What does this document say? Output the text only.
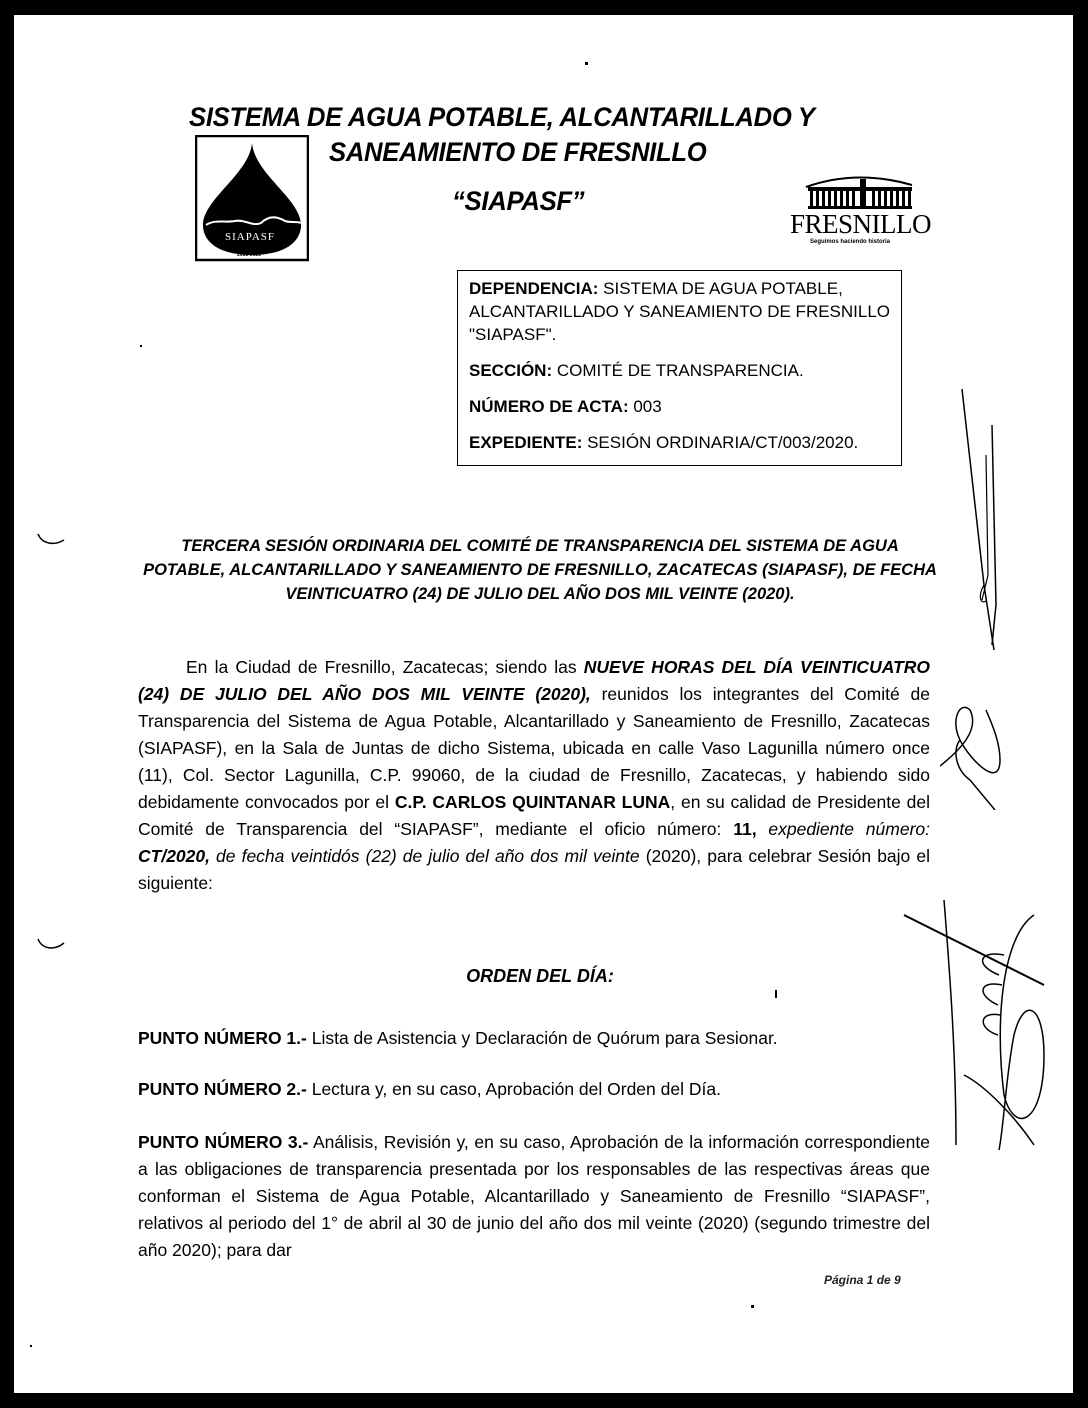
SISTEMA DE AGUA POTABLE, ALCANTARILLADO Y
SANEAMIENTO DE FRESNILLO
“SIAPASF”
SIAPASF
2018-2021
FRESNILLO
Seguimos haciendo historia

DEPENDENCIA: SISTEMA DE AGUA POTABLE, ALCANTARILLADO Y SANEAMIENTO DE FRESNILLO "SIAPASF".

SECCIÓN: COMITÉ DE TRANSPARENCIA.

NÚMERO DE ACTA: 003

EXPEDIENTE: SESIÓN ORDINARIA/CT/003/2020.

TERCERA SESIÓN ORDINARIA DEL COMITÉ DE TRANSPARENCIA DEL SISTEMA DE AGUA POTABLE, ALCANTARILLADO Y SANEAMIENTO DE FRESNILLO, ZACATECAS (SIAPASF), DE FECHA VEINTICUATRO (24) DE JULIO DEL AÑO DOS MIL VEINTE (2020).

En la Ciudad de Fresnillo, Zacatecas; siendo las NUEVE HORAS DEL DÍA VEINTICUATRO (24) DE JULIO DEL AÑO DOS MIL VEINTE (2020), reunidos los integrantes del Comité de Transparencia del Sistema de Agua Potable, Alcantarillado y Saneamiento de Fresnillo, Zacatecas (SIAPASF), en la Sala de Juntas de dicho Sistema, ubicada en calle Vaso Lagunilla número once (11), Col. Sector Lagunilla, C.P. 99060, de la ciudad de Fresnillo, Zacatecas, y habiendo sido debidamente convocados por el C.P. CARLOS QUINTANAR LUNA, en su calidad de Presidente del Comité de Transparencia del “SIAPASF”, mediante el oficio número: 11, expediente número: CT/2020, de fecha veintidós (22) de julio del año dos mil veinte (2020), para celebrar Sesión bajo el siguiente:

ORDEN DEL DÍA:
PUNTO NÚMERO 1.- Lista de Asistencia y Declaración de Quórum para Sesionar.
PUNTO NÚMERO 2.- Lectura y, en su caso, Aprobación del Orden del Día.
PUNTO NÚMERO 3.- Análisis, Revisión y, en su caso, Aprobación de la información correspondiente a las obligaciones de transparencia presentada por los responsables de las respectivas áreas que conforman el Sistema de Agua Potable, Alcantarillado y Saneamiento de Fresnillo “SIAPASF”, relativos al periodo del 1° de abril al 30 de junio del año dos mil veinte (2020) (segundo trimestre del año 2020); para dar
Página 1 de 9
